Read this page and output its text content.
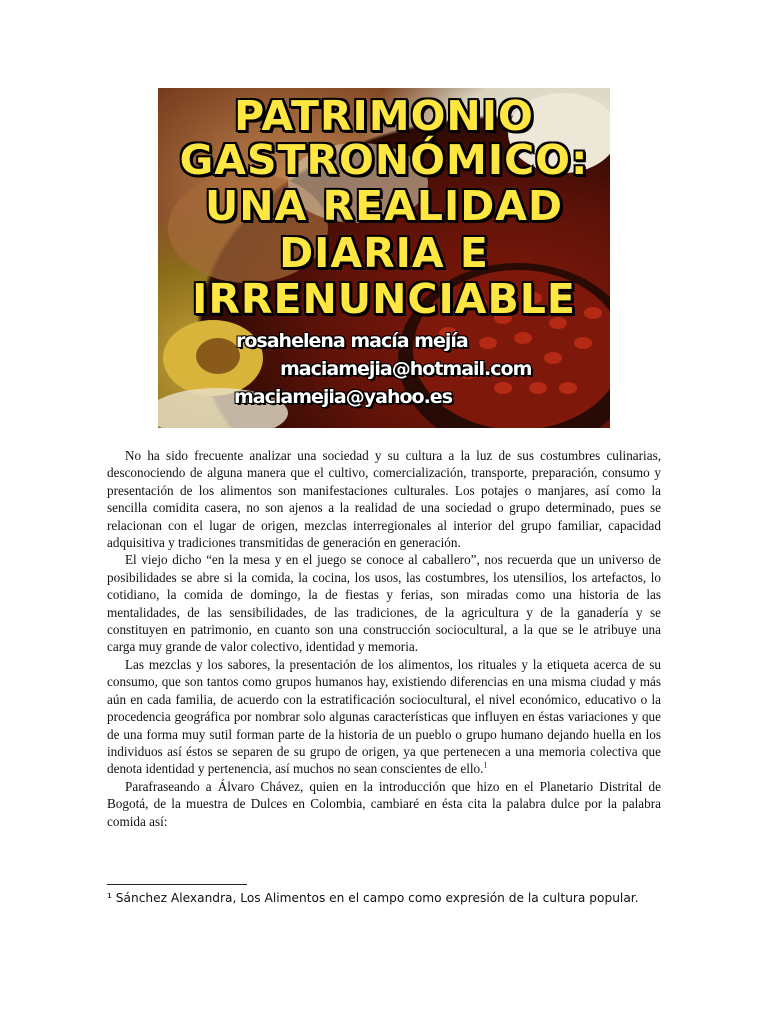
PATRIMONIO
GASTRONÓMICO:
UNA REALIDAD
DIARIA E
IRRENUNCIABLE
rosahelena macía mejía
maciamejia@hotmail.com
maciamejia@yahoo.es

No ha sido frecuente analizar una sociedad y su cultura a la luz de sus costumbres culinarias, desconociendo de alguna manera que el cultivo, comercialización, transporte, preparación, consumo y presentación de los alimentos son manifestaciones culturales. Los potajes o manjares, así como la sencilla comidita casera, no son ajenos a la realidad de una sociedad o grupo determinado, pues se relacionan con el lugar de origen, mezclas interregionales al interior del grupo familiar, capacidad adquisitiva y tradiciones transmitidas de generación en generación.

El viejo dicho “en la mesa y en el juego se conoce al caballero”, nos recuerda que un universo de posibilidades se abre si la comida, la cocina, los usos, las costumbres, los utensilios, los artefactos, lo cotidiano, la comida de domingo, la de fiestas y ferias, son miradas como una historia de las mentalidades, de las sensibilidades, de las tradiciones, de la agricultura y de la ganadería y se constituyen en patrimonio, en cuanto son una construcción sociocultural, a la que se le atribuye una carga muy grande de valor colectivo, identidad y memoria.

Las mezclas y los sabores, la presentación de los alimentos, los rituales y la etiqueta acerca de su consumo, que son tantos como grupos humanos hay, existiendo diferencias en una misma ciudad y más aún en cada familia, de acuerdo con la estratificación sociocultural, el nivel económico, educativo o la procedencia geográfica por nombrar solo algunas características que influyen en éstas variaciones y que de una forma muy sutil forman parte de la historia de un pueblo o grupo humano dejando huella en los individuos así éstos se separen de su grupo de origen, ya que pertenecen a una memoria colectiva que denota identidad y pertenencia, así muchos no sean conscientes de ello.$^1$

Parafraseando a Álvaro Chávez, quien en la introducción que hizo en el Planetario Distrital de Bogotá, de la muestra de Dulces en Colombia, cambiaré en ésta cita la palabra dulce por la palabra comida así:

¹ Sánchez Alexandra, Los Alimentos en el campo como expresión de la cultura popular.
